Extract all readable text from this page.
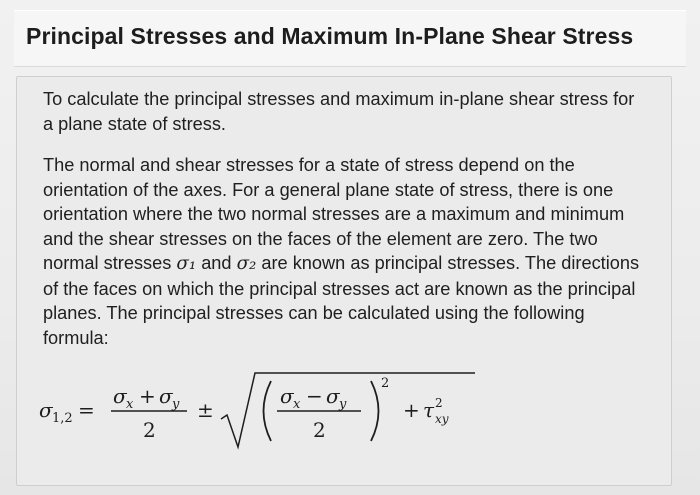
Principal Stresses and Maximum In-Plane Shear Stress

To calculate the principal stresses and maximum in-plane shear stress for a plane state of stress.

The normal and shear stresses for a state of stress depend on the orientation of the axes. For a general plane state of stress, there is one orientation where the two normal stresses are a maximum and minimum and the shear stresses on the faces of the element are zero. The two normal stresses σ₁ and σ₂ are known as principal stresses. The directions of the faces on which the principal stresses act are known as the principal planes. The principal stresses can be calculated using the following formula:

σ 1,2 =
σ x + σ y
2
±
σ x − σ y
2
2
+ τ 2
xy
